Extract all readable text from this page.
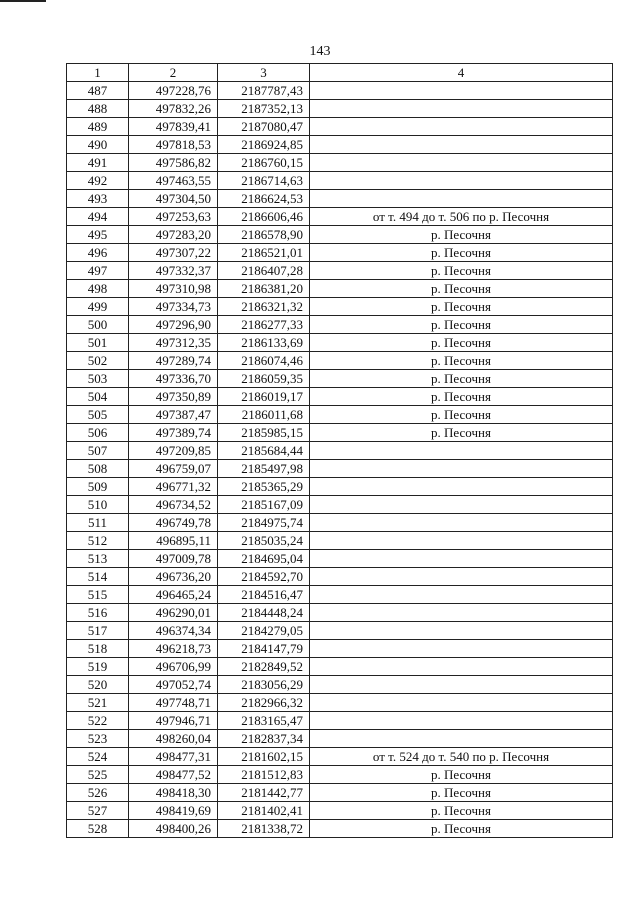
143
1	2	3	4
487	497228,76	2187787,43	
488	497832,26	2187352,13	
489	497839,41	2187080,47	
490	497818,53	2186924,85	
491	497586,82	2186760,15	
492	497463,55	2186714,63	
493	497304,50	2186624,53	
494	497253,63	2186606,46	от т. 494 до т. 506 по р. Песочня
495	497283,20	2186578,90	р. Песочня
496	497307,22	2186521,01	р. Песочня
497	497332,37	2186407,28	р. Песочня
498	497310,98	2186381,20	р. Песочня
499	497334,73	2186321,32	р. Песочня
500	497296,90	2186277,33	р. Песочня
501	497312,35	2186133,69	р. Песочня
502	497289,74	2186074,46	р. Песочня
503	497336,70	2186059,35	р. Песочня
504	497350,89	2186019,17	р. Песочня
505	497387,47	2186011,68	р. Песочня
506	497389,74	2185985,15	р. Песочня
507	497209,85	2185684,44	
508	496759,07	2185497,98	
509	496771,32	2185365,29	
510	496734,52	2185167,09	
511	496749,78	2184975,74	
512	496895,11	2185035,24	
513	497009,78	2184695,04	
514	496736,20	2184592,70	
515	496465,24	2184516,47	
516	496290,01	2184448,24	
517	496374,34	2184279,05	
518	496218,73	2184147,79	
519	496706,99	2182849,52	
520	497052,74	2183056,29	
521	497748,71	2182966,32	
522	497946,71	2183165,47	
523	498260,04	2182837,34	
524	498477,31	2181602,15	от т. 524 до т. 540 по р. Песочня
525	498477,52	2181512,83	р. Песочня
526	498418,30	2181442,77	р. Песочня
527	498419,69	2181402,41	р. Песочня
528	498400,26	2181338,72	р. Песочня
